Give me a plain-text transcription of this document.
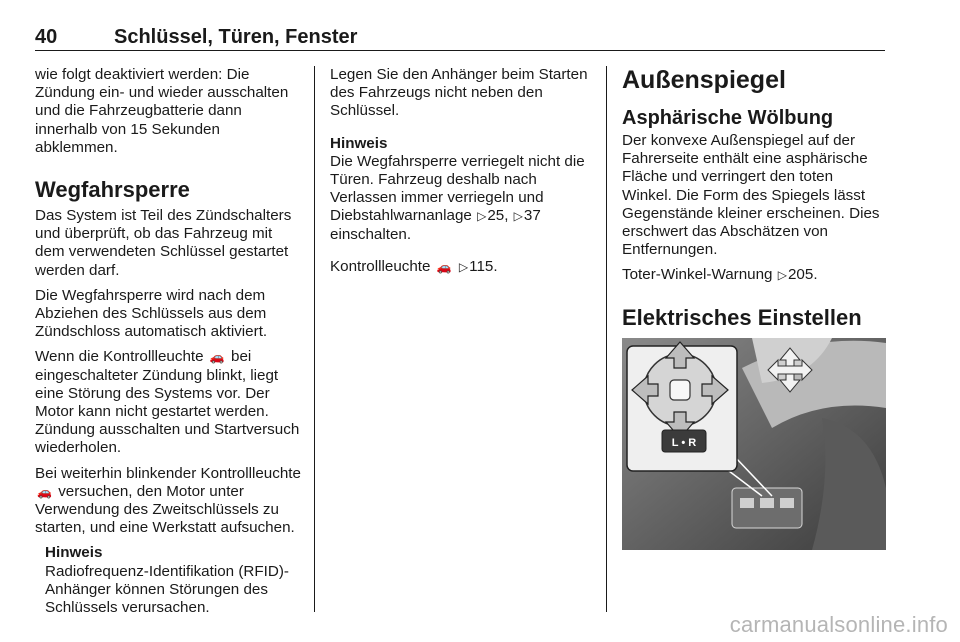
40	Schlüssel, Türen, Fenster

wie folgt deaktiviert werden: Die Zündung ein- und wieder ausschalten und die Fahrzeugbatterie dann innerhalb von 15 Sekunden abklemmen.

Wegfahrsperre

Das System ist Teil des Zündschalters und überprüft, ob das Fahrzeug mit dem verwendeten Schlüssel gestartet werden darf.

Die Wegfahrsperre wird nach dem Abziehen des Schlüssels aus dem Zündschloss automatisch aktiviert.

Wenn die Kontrollleuchte 🚗 bei eingeschalteter Zündung blinkt, liegt eine Störung des Systems vor. Der Motor kann nicht gestartet werden. Zündung ausschalten und Startversuch wiederholen.

Bei weiterhin blinkender Kontrollleuchte 🚗 versuchen, den Motor unter Verwendung des Zweitschlüssels zu starten, und eine Werkstatt aufsuchen.

Hinweis
Radiofrequenz-Identifikation (RFID)-Anhänger können Störungen des Schlüssels verursachen.

Legen Sie den Anhänger beim Starten des Fahrzeugs nicht neben den Schlüssel.

Hinweis

Die Wegfahrsperre verriegelt nicht die Türen. Fahrzeug deshalb nach Verlassen immer verriegeln und Diebstahlwarnanlage ▷25, ▷37 einschalten.

Kontrollleuchte 🚗 ▷115.

Außenspiegel
Asphärische Wölbung

Der konvexe Außenspiegel auf der Fahrerseite enthält eine asphärische Fläche und verringert den toten Winkel. Die Form des Spiegels lässt Gegenstände kleiner erscheinen. Dies erschwert das Abschätzen von Entfernungen.

Toter-Winkel-Warnung ▷205.

Elektrisches Einstellen
L • R
carmanualsonline.info
